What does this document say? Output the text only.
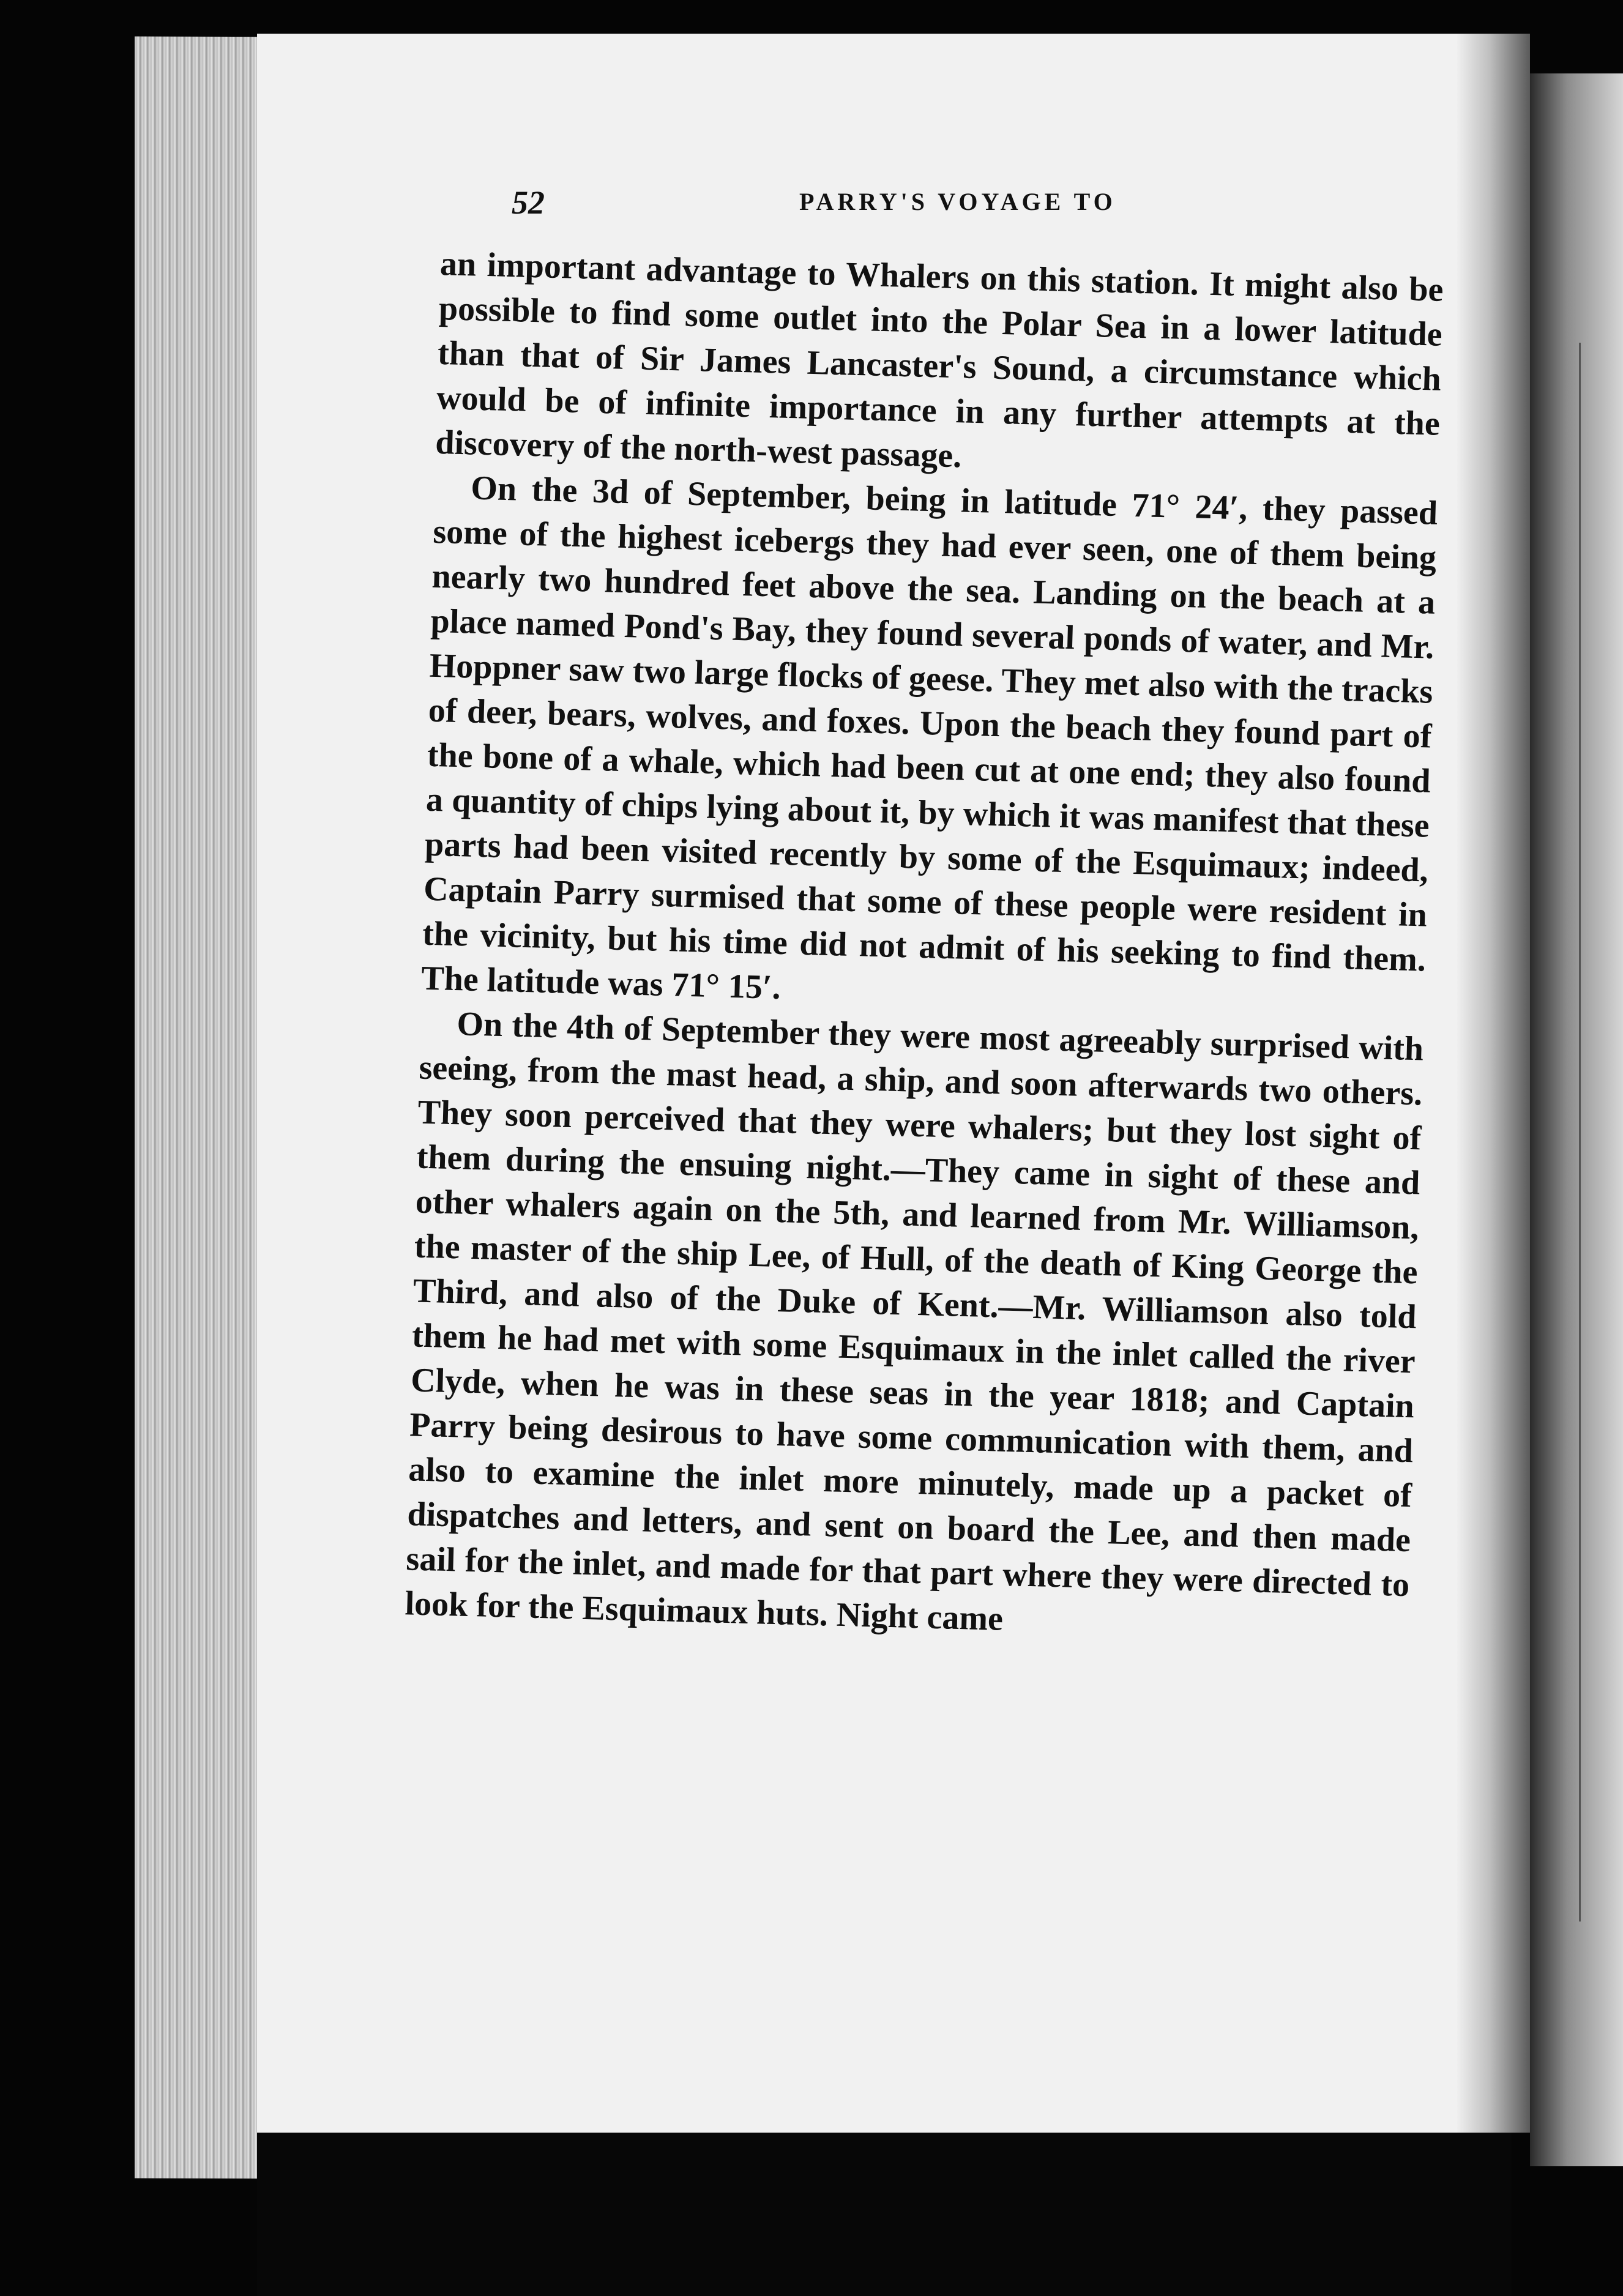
52	PARRY'S VOYAGE TO

an important advantage to Whalers on this station. It might also be possible to find some outlet into the Polar Sea in a lower latitude than that of Sir James Lancaster's Sound, a circumstance which would be of infinite importance in any further attempts at the discovery of the north-west passage.

On the 3d of September, being in latitude 71° 24′, they passed some of the highest icebergs they had ever seen, one of them being nearly two hundred feet above the sea. Landing on the beach at a place named Pond's Bay, they found several ponds of water, and Mr. Hoppner saw two large flocks of geese. They met also with the tracks of deer, bears, wolves, and foxes. Upon the beach they found part of the bone of a whale, which had been cut at one end; they also found a quantity of chips lying about it, by which it was manifest that these parts had been visited recently by some of the Esquimaux; indeed, Captain Parry surmised that some of these people were resident in the vicinity, but his time did not admit of his seeking to find them. The latitude was 71° 15′.

On the 4th of September they were most agreeably surprised with seeing, from the mast head, a ship, and soon afterwards two others. They soon perceived that they were whalers; but they lost sight of them during the ensuing night.—They came in sight of these and other whalers again on the 5th, and learned from Mr. Williamson, the master of the ship Lee, of Hull, of the death of King George the Third, and also of the Duke of Kent.—Mr. Williamson also told them he had met with some Esquimaux in the inlet called the river Clyde, when he was in these seas in the year 1818; and Captain Parry being desirous to have some communication with them, and also to examine the inlet more minutely, made up a packet of dispatches and letters, and sent on board the Lee, and then made sail for the inlet, and made for that part where they were directed to look for the Esquimaux huts. Night came
